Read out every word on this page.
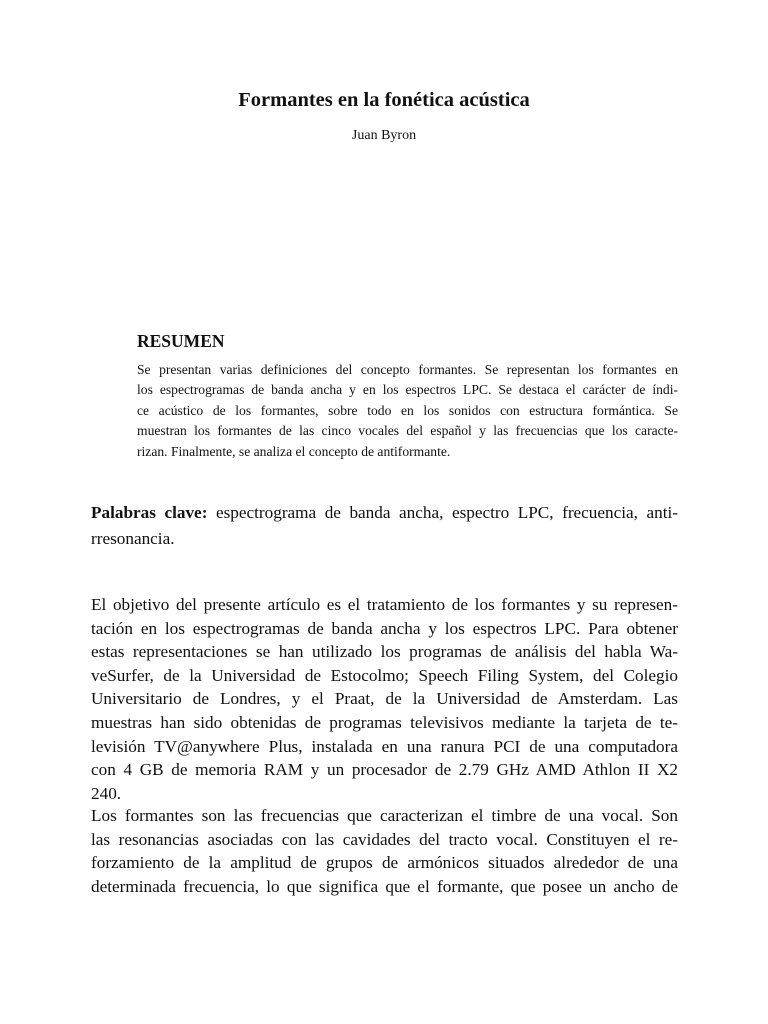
Formantes en la fonética acústica
Juan Byron
RESUMEN
Se presentan varias definiciones del concepto formantes. Se representan los formantes en
los espectrogramas de banda ancha y en los espectros LPC. Se destaca el carácter de índi-
ce acústico de los formantes, sobre todo en los sonidos con estructura formántica. Se
muestran los formantes de las cinco vocales del español y las frecuencias que los caracte-
rizan. Finalmente, se analiza el concepto de antiformante.
Palabras clave: espectrograma de banda ancha, espectro LPC, frecuencia, anti-
rresonancia.
El objetivo del presente artículo es el tratamiento de los formantes y su represen-
tación en los espectrogramas de banda ancha y los espectros LPC. Para obtener
estas representaciones se han utilizado los programas de análisis del habla Wa-
veSurfer, de la Universidad de Estocolmo; Speech Filing System, del Colegio
Universitario de Londres, y el Praat, de la Universidad de Amsterdam. Las
muestras han sido obtenidas de programas televisivos mediante la tarjeta de te-
levisión TV@anywhere Plus, instalada en una ranura PCI de una computadora
con 4 GB de memoria RAM y un procesador de 2.79 GHz AMD Athlon II X2
240.
Los formantes son las frecuencias que caracterizan el timbre de una vocal. Son
las resonancias asociadas con las cavidades del tracto vocal. Constituyen el re-
forzamiento de la amplitud de grupos de armónicos situados alrededor de una
determinada frecuencia, lo que significa que el formante, que posee un ancho de
